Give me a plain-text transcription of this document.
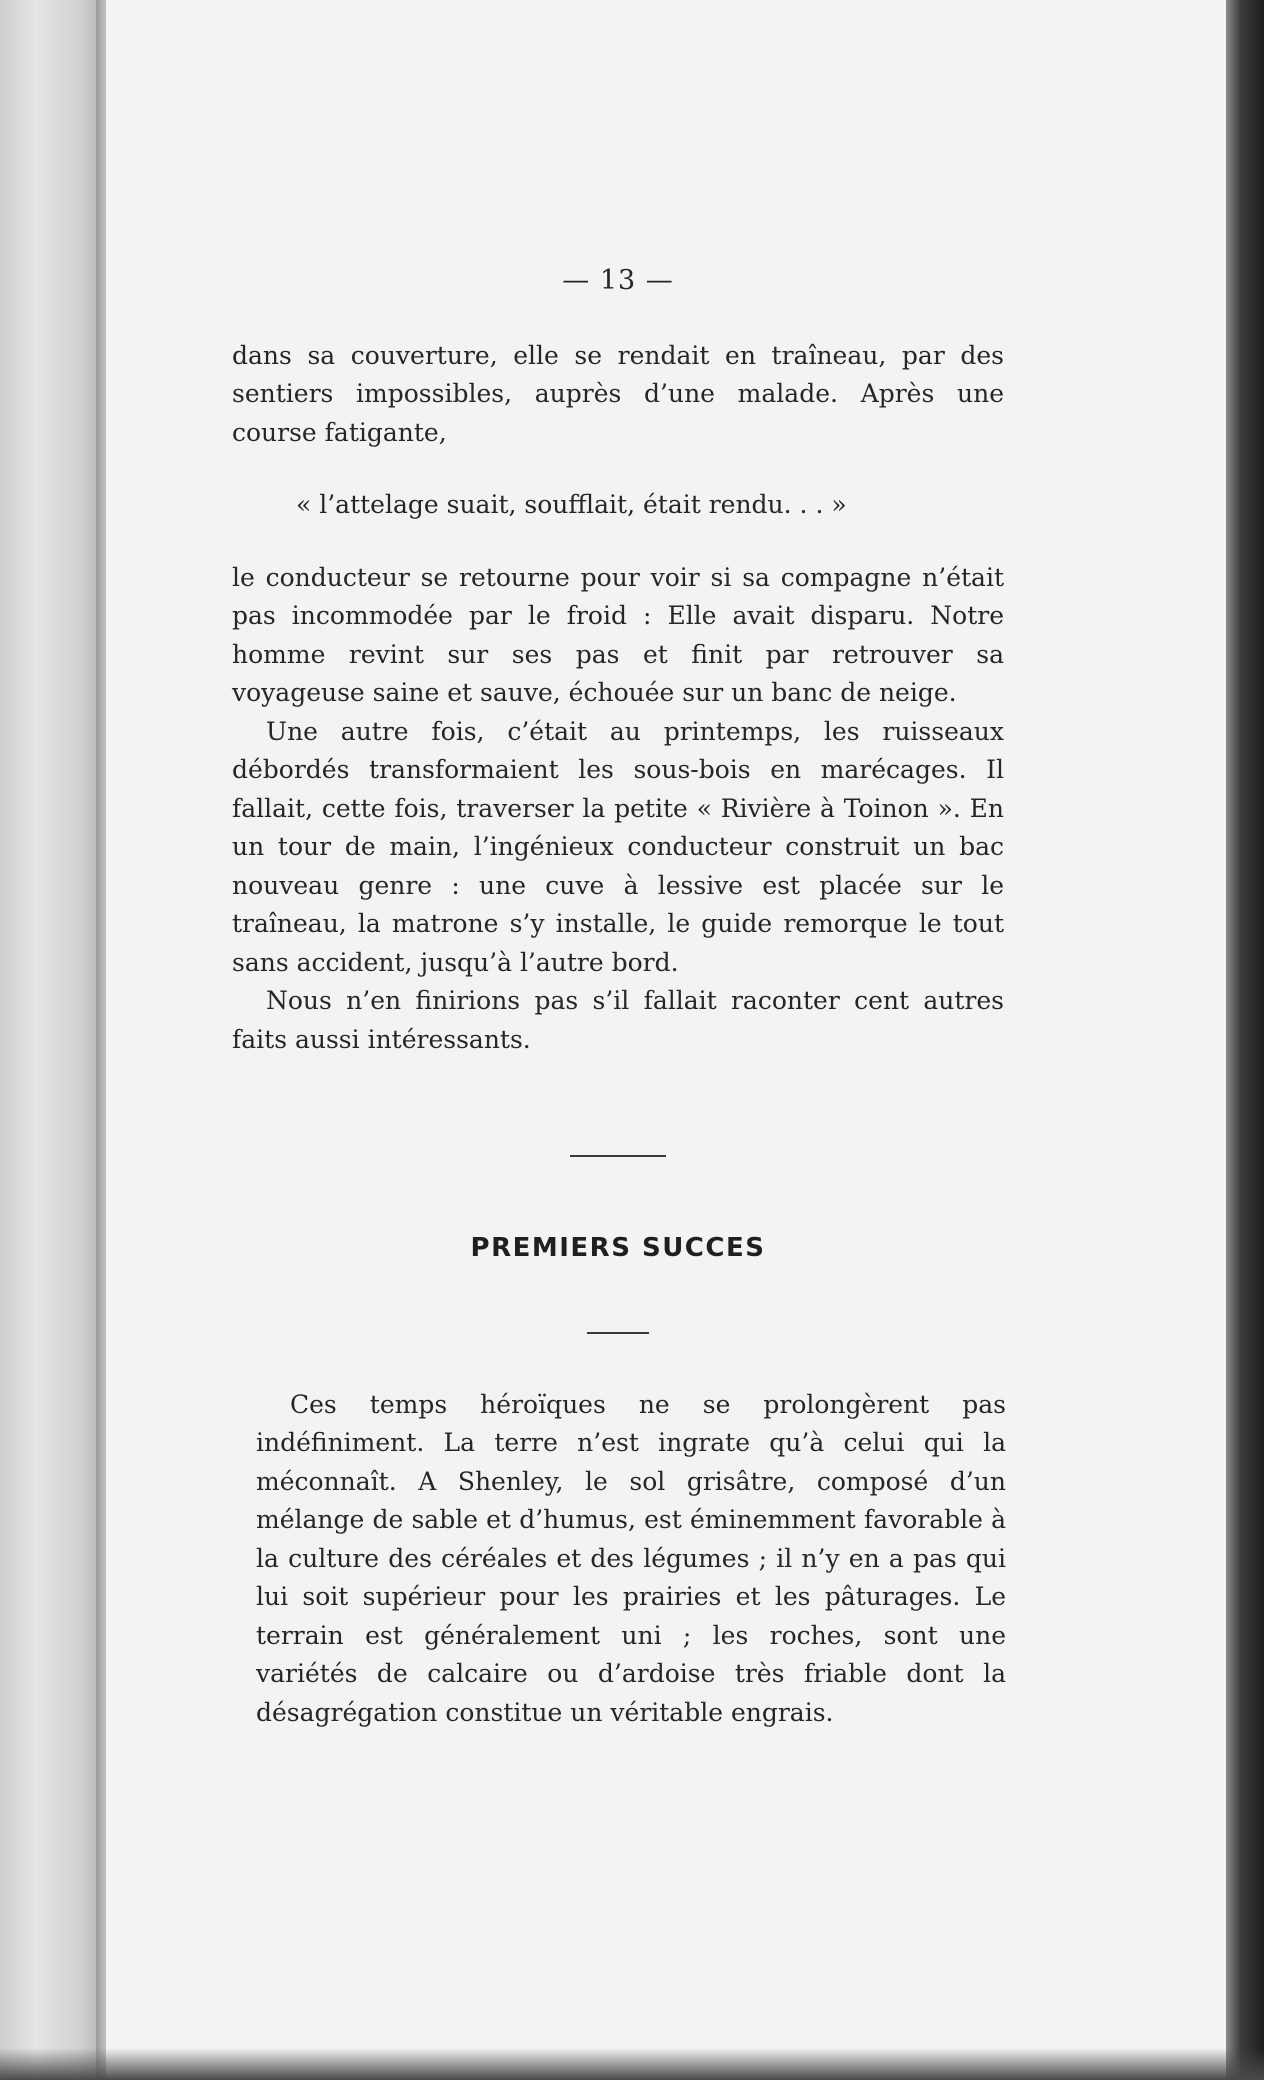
— 13 —

dans sa couverture, elle se rendait en traîneau, par des sentiers impossibles, auprès d’une malade. Après une course fatigante,

« l’attelage suait, soufflait, était rendu. . . »

le conducteur se retourne pour voir si sa compagne n’était pas incommodée par le froid : Elle avait disparu. Notre homme revint sur ses pas et finit par retrouver sa voyageuse saine et sauve, échouée sur un banc de neige.

Une autre fois, c’était au printemps, les ruisseaux débordés transformaient les sous-bois en marécages. Il fallait, cette fois, traverser la petite « Rivière à Toinon ». En un tour de main, l’ingénieux conducteur construit un bac nouveau genre : une cuve à lessive est placée sur le traîneau, la matrone s’y installe, le guide remorque le tout sans accident, jusqu’à l’autre bord.

Nous n’en finirions pas s’il fallait raconter cent autres faits aussi intéressants.

PREMIERS SUCCES

Ces temps héroïques ne se prolongèrent pas indéfiniment. La terre n’est ingrate qu’à celui qui la méconnaît. A Shenley, le sol grisâtre, composé d’un mélange de sable et d’humus, est éminemment favorable à la culture des céréales et des légumes ; il n’y en a pas qui lui soit supérieur pour les prairies et les pâturages. Le terrain est généralement uni ; les roches, sont une variétés de calcaire ou d’ardoise très friable dont la désagrégation constitue un véritable engrais.
